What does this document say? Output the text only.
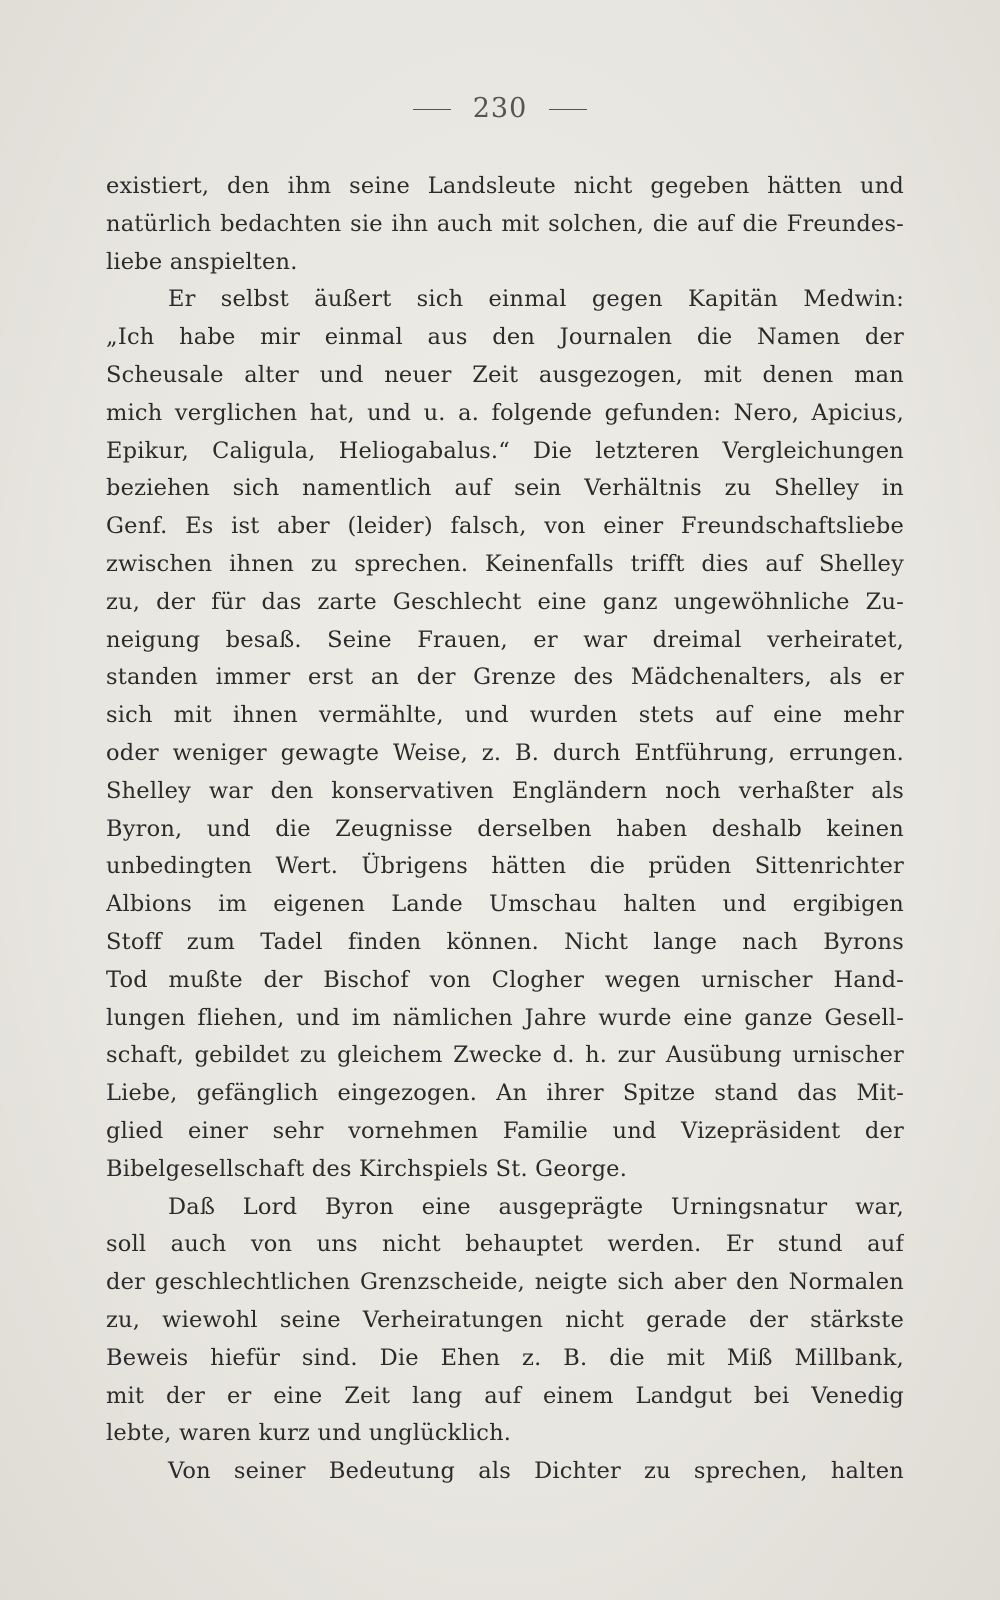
230
existiert, den ihm seine Landsleute nicht gegeben hätten und
natürlich bedachten sie ihn auch mit solchen, die auf die Freundes-
liebe anspielten.
Er selbst äußert sich einmal gegen Kapitän Medwin:
„Ich habe mir einmal aus den Journalen die Namen der
Scheusale alter und neuer Zeit ausgezogen, mit denen man
mich verglichen hat, und u. a. folgende gefunden: Nero, Apicius,
Epikur, Caligula, Heliogabalus.“ Die letzteren Vergleichungen
beziehen sich namentlich auf sein Verhältnis zu Shelley in
Genf. Es ist aber (leider) falsch, von einer Freundschaftsliebe
zwischen ihnen zu sprechen. Keinenfalls trifft dies auf Shelley
zu, der für das zarte Geschlecht eine ganz ungewöhnliche Zu-
neigung besaß. Seine Frauen, er war dreimal verheiratet,
standen immer erst an der Grenze des Mädchenalters, als er
sich mit ihnen vermählte, und wurden stets auf eine mehr
oder weniger gewagte Weise, z. B. durch Entführung, errungen.
Shelley war den konservativen Engländern noch verhaßter als
Byron, und die Zeugnisse derselben haben deshalb keinen
unbedingten Wert. Übrigens hätten die prüden Sittenrichter
Albions im eigenen Lande Umschau halten und ergibigen
Stoff zum Tadel finden können. Nicht lange nach Byrons
Tod mußte der Bischof von Clogher wegen urnischer Hand-
lungen fliehen, und im nämlichen Jahre wurde eine ganze Gesell-
schaft, gebildet zu gleichem Zwecke d. h. zur Ausübung urnischer
Liebe, gefänglich eingezogen. An ihrer Spitze stand das Mit-
glied einer sehr vornehmen Familie und Vizepräsident der
Bibelgesellschaft des Kirchspiels St. George.
Daß Lord Byron eine ausgeprägte Urningsnatur war,
soll auch von uns nicht behauptet werden. Er stund auf
der geschlechtlichen Grenzscheide, neigte sich aber den Normalen
zu, wiewohl seine Verheiratungen nicht gerade der stärkste
Beweis hiefür sind. Die Ehen z. B. die mit Miß Millbank,
mit der er eine Zeit lang auf einem Landgut bei Venedig
lebte, waren kurz und unglücklich.
Von seiner Bedeutung als Dichter zu sprechen, halten
